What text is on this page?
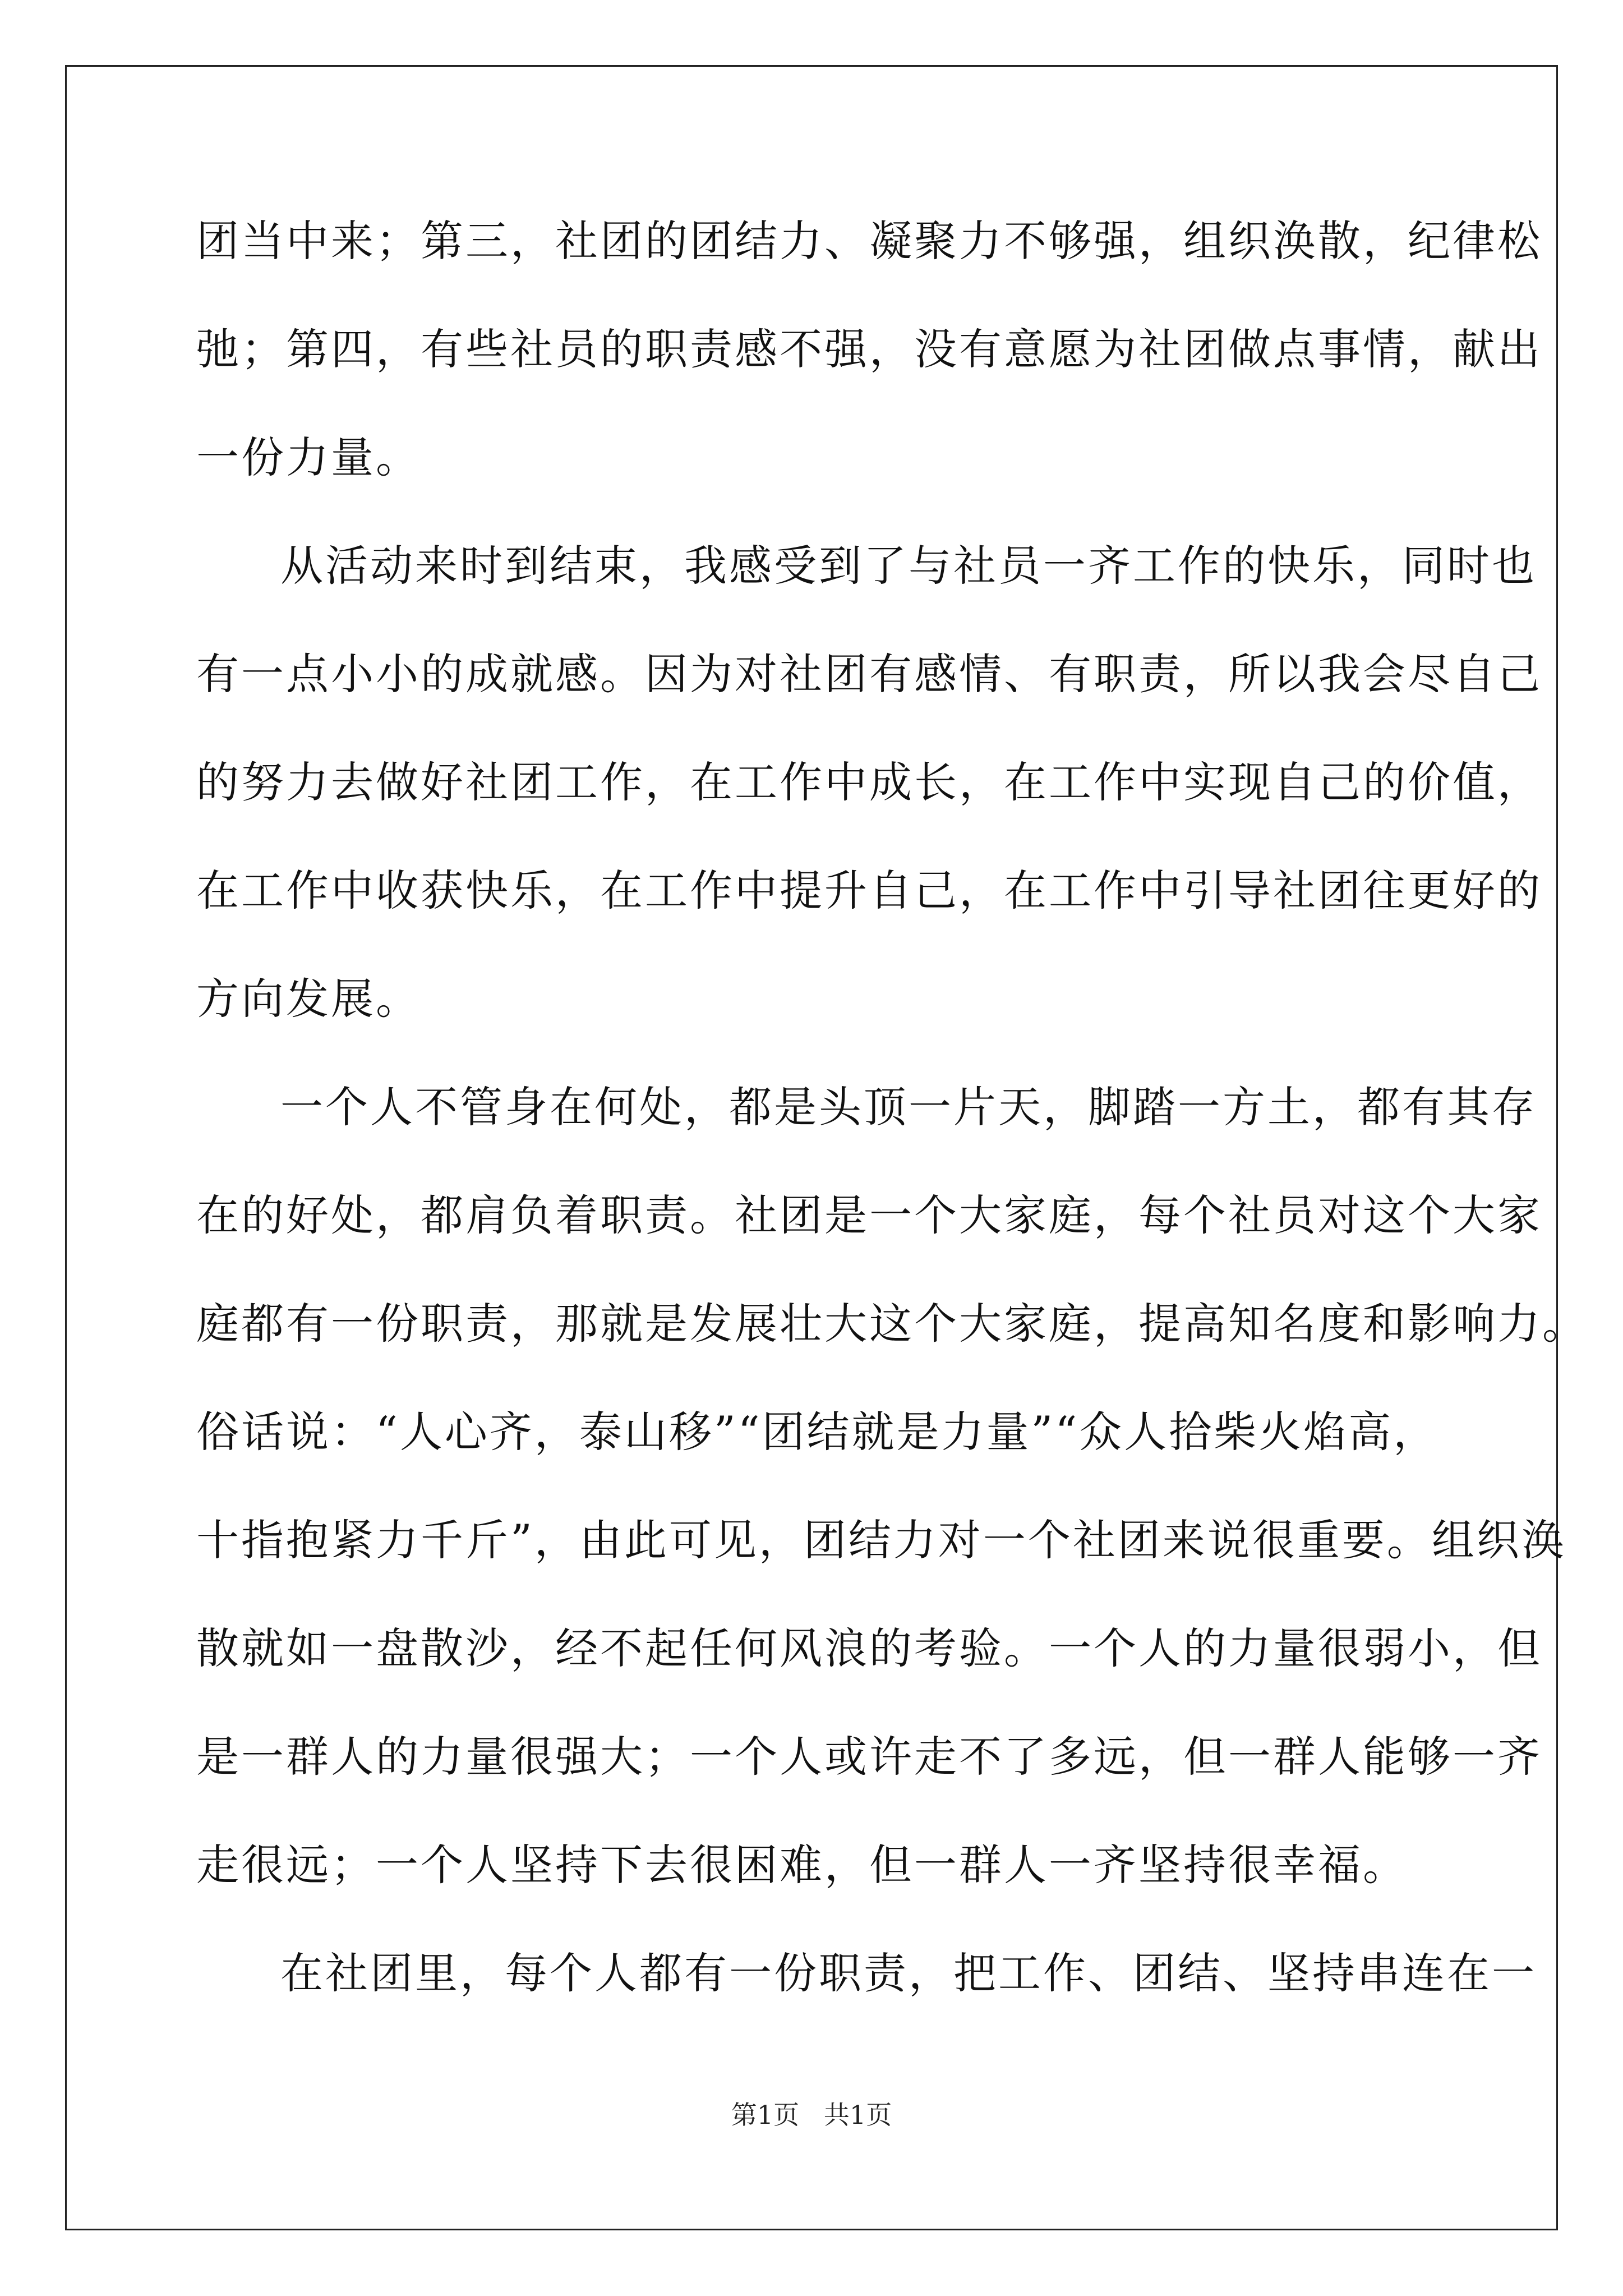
团当中来；第三，社团的团结力、凝聚力不够强，组织涣散，纪律松
弛；第四，有些社员的职责感不强，没有意愿为社团做点事情，献出
一份力量。
从活动来时到结束，我感受到了与社员一齐工作的快乐，同时也
有一点小小的成就感。因为对社团有感情、有职责，所以我会尽自己
的努力去做好社团工作，在工作中成长，在工作中实现自己的价值，
在工作中收获快乐，在工作中提升自己，在工作中引导社团往更好的
方向发展。
一个人不管身在何处，都是头顶一片天，脚踏一方土，都有其存
在的好处，都肩负着职责。社团是一个大家庭，每个社员对这个大家
庭都有一份职责，那就是发展壮大这个大家庭，提高知名度和影响力。
俗话说：“人心齐，泰山移”“团结就是力量”“众人拾柴火焰高，
十指抱紧力千斤”，由此可见，团结力对一个社团来说很重要。组织涣
散就如一盘散沙，经不起任何风浪的考验。一个人的力量很弱小，但
是一群人的力量很强大；一个人或许走不了多远，但一群人能够一齐
走很远；一个人坚持下去很困难，但一群人一齐坚持很幸福。
在社团里，每个人都有一份职责，把工作、团结、坚持串连在一
第1页   共1页
